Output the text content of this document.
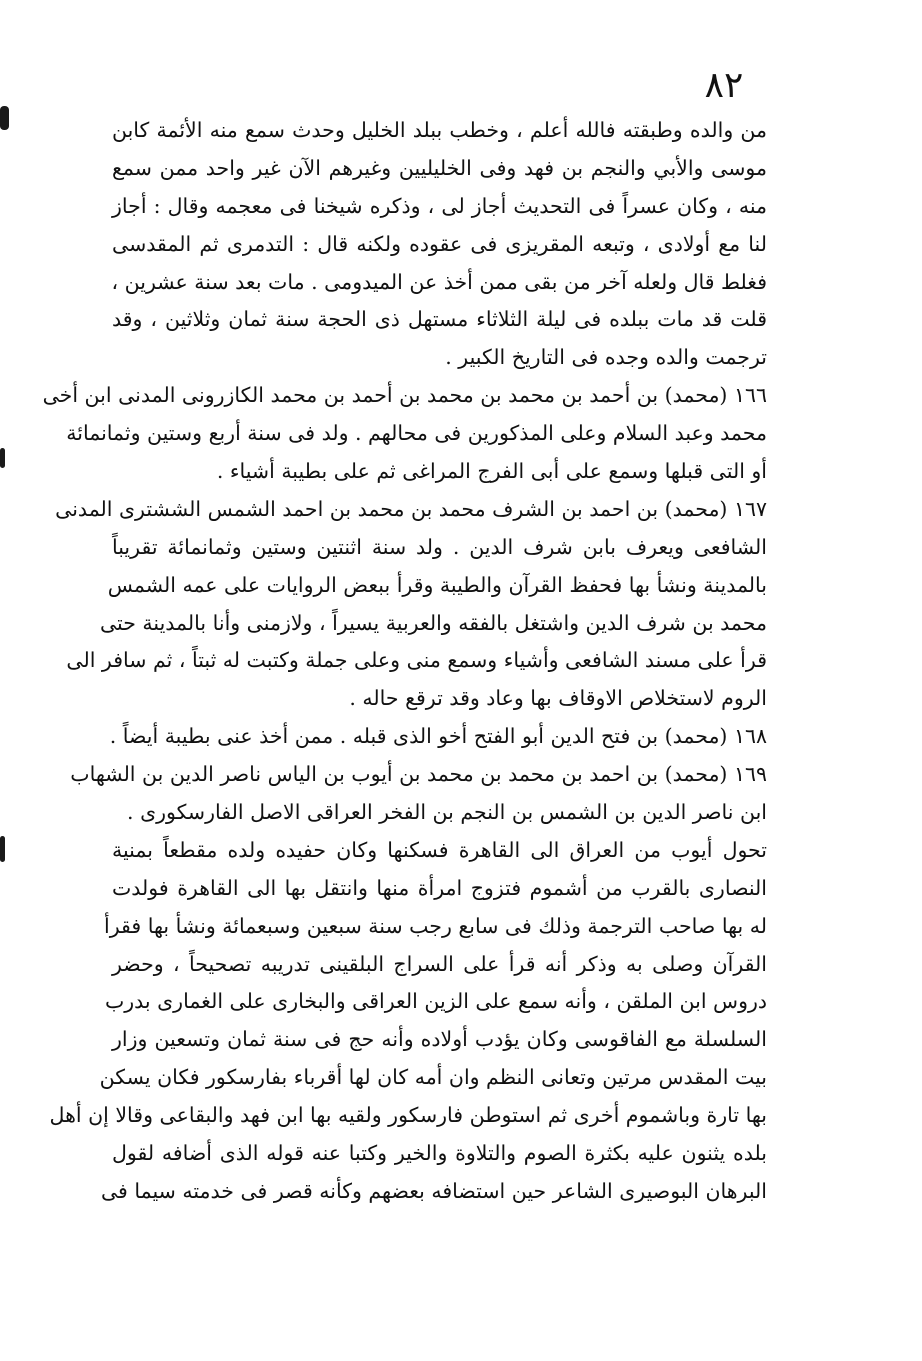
٨٢
من والده وطبقته فالله أعلم ، وخطب ببلد الخليل وحدث سمع منه الأئمة كابن
موسى والأبي والنجم بن فهد وفى الخليليين وغيرهم الآن غير واحد ممن سمع
منه ، وكان عسراً فى التحديث أجاز لى ، وذكره شيخنا فى معجمه وقال : أجاز
لنا مع أولادى ، وتبعه المقريزى فى عقوده ولكنه قال : التدمرى ثم المقدسى
فغلط قال ولعله آخر من بقى ممن أخذ عن الميدومى . مات بعد سنة عشرين ،
قلت قد مات ببلده فى ليلة الثلاثاء مستهل ذى الحجة سنة ثمان وثلاثين ، وقد
ترجمت والده وجده فى التاريخ الكبير .
١٦٦ (محمد) بن أحمد بن محمد بن محمد بن أحمد بن محمد الكازرونى المدنى ابن أخى
محمد وعبد السلام وعلى المذكورين فى محالهم . ولد فى سنة أربع وستين وثمانمائة
أو التى قبلها وسمع على أبى الفرج المراغى ثم على بطيبة أشياء .
١٦٧ (محمد) بن احمد بن الشرف محمد بن محمد بن احمد الشمس الششترى المدنى
الشافعى ويعرف بابن شرف الدين . ولد سنة اثنتين وستين وثمانمائة تقريباً
بالمدينة ونشأ بها فحفظ القرآن والطيبة وقرأ ببعض الروايات على عمه الشمس
محمد بن شرف الدين واشتغل بالفقه والعربية يسيراً ، ولازمنى وأنا بالمدينة حتى
قرأ على مسند الشافعى وأشياء وسمع منى وعلى جملة وكتبت له ثبتاً ، ثم سافر الى
الروم لاستخلاص الاوقاف بها وعاد وقد ترقع حاله .
١٦٨ (محمد) بن فتح الدين أبو الفتح أخو الذى قبله . ممن أخذ عنى بطيبة أيضاً .
١٦٩ (محمد) بن احمد بن محمد بن محمد بن أيوب بن الياس ناصر الدين بن الشهاب
ابن ناصر الدين بن الشمس بن النجم بن الفخر العراقى الاصل الفارسكورى .
تحول أيوب من العراق الى القاهرة فسكنها وكان حفيده ولده مقطعاً بمنية
النصارى بالقرب من أشموم فتزوج امرأة منها وانتقل بها الى القاهرة فولدت
له بها صاحب الترجمة وذلك فى سابع رجب سنة سبعين وسبعمائة ونشأ بها فقرأ
القرآن وصلى به وذكر أنه قرأ على السراج البلقينى تدريبه تصحيحاً ، وحضر
دروس ابن الملقن ، وأنه سمع على الزين العراقى والبخارى على الغمارى بدرب
السلسلة مع الفاقوسى وكان يؤدب أولاده وأنه حج فى سنة ثمان وتسعين وزار
بيت المقدس مرتين وتعانى النظم وان أمه كان لها أقرباء بفارسكور فكان يسكن
بها تارة وباشموم أخرى ثم استوطن فارسكور ولقيه بها ابن فهد والبقاعى وقالا إن أهل
بلده يثنون عليه بكثرة الصوم والتلاوة والخير وكتبا عنه قوله الذى أضافه لقول
البرهان البوصيرى الشاعر حين استضافه بعضهم وكأنه قصر فى خدمته سيما فى
